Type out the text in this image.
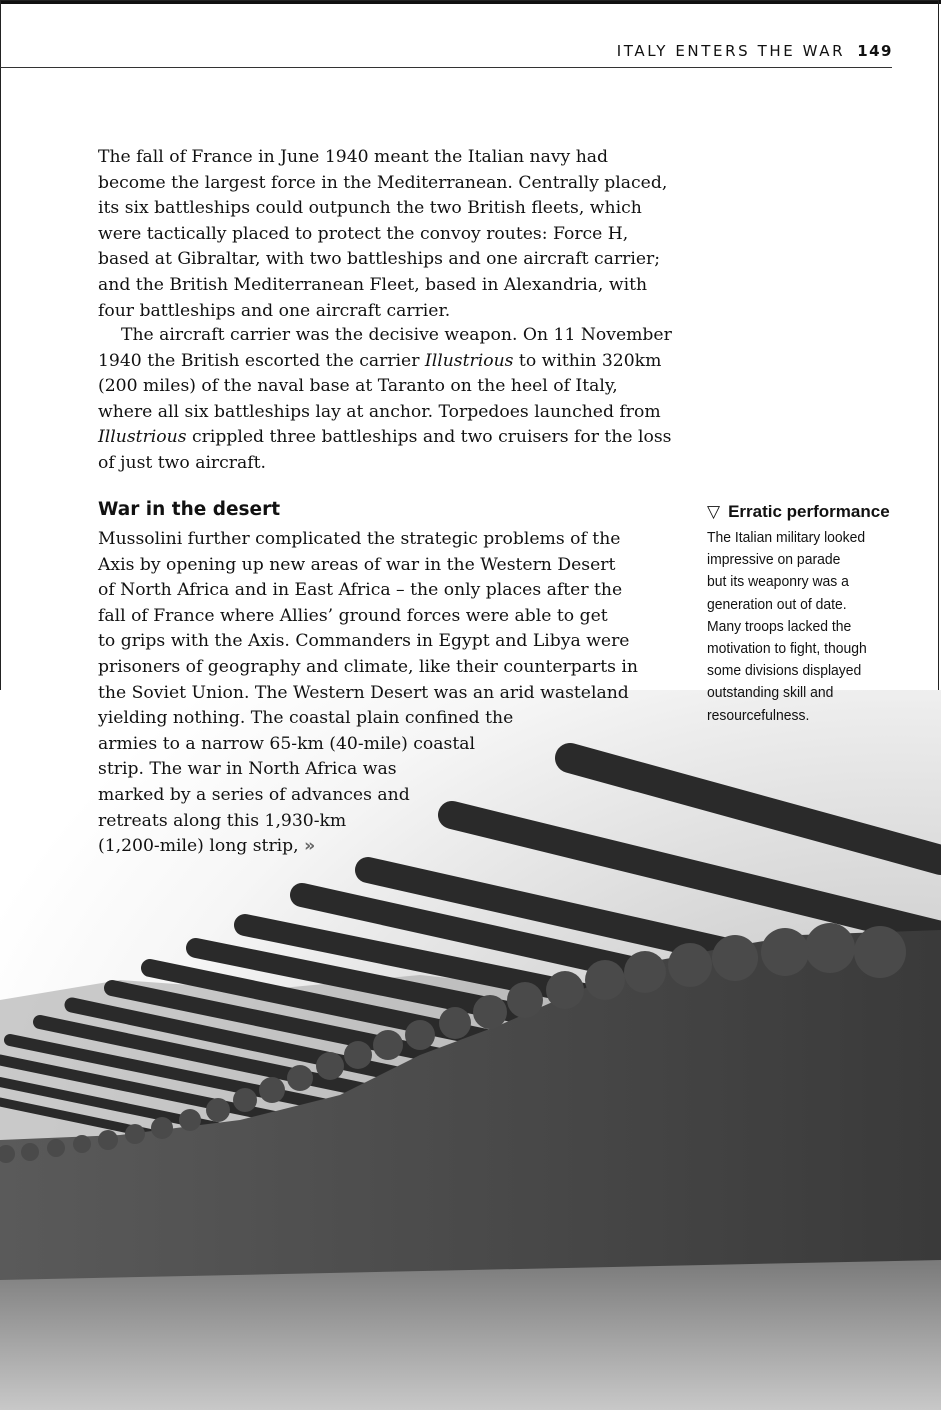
ITALY ENTERS THE WAR 149

The fall of France in June 1940 meant the Italian navy had
become the largest force in the Mediterranean. Centrally placed,
its six battleships could outpunch the two British fleets, which
were tactically placed to protect the convoy routes: Force H,
based at Gibraltar, with two battleships and one aircraft carrier;
and the British Mediterranean Fleet, based in Alexandria, with
four battleships and one aircraft carrier.

The aircraft carrier was the decisive weapon. On 11 November
1940 the British escorted the carrier Illustrious to within 320km
(200 miles) of the naval base at Taranto on the heel of Italy,
where all six battleships lay at anchor. Torpedoes launched from
Illustrious crippled three battleships and two cruisers for the loss
of just two aircraft.

War in the desert

Mussolini further complicated the strategic problems of the
Axis by opening up new areas of war in the Western Desert
of North Africa and in East Africa – the only places after the
fall of France where Allies’ ground forces were able to get
to grips with the Axis. Commanders in Egypt and Libya were
prisoners of geography and climate, like their counterparts in
the Soviet Union. The Western Desert was an arid wasteland
yielding nothing. The coastal plain confined the
armies to a narrow 65-km (40-mile) coastal
strip. The war in North Africa was
marked by a series of advances and
retreats along this 1,930-km
(1,200-mile) long strip, »

▽ Erratic performance

The Italian military looked
impressive on parade
but its weaponry was a
generation out of date.
Many troops lacked the
motivation to fight, though
some divisions displayed
outstanding skill and
resourcefulness.
